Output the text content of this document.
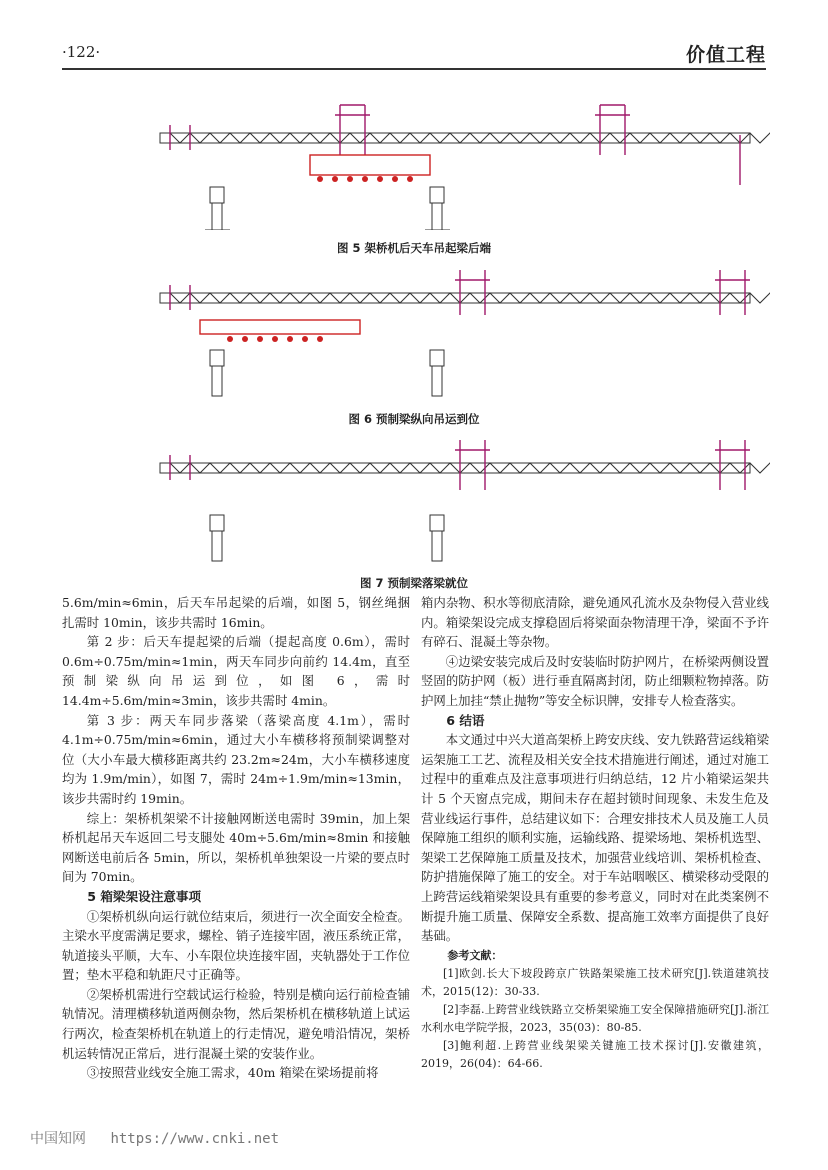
·122·	价值工程
图 5 架桥机后天车吊起梁后端
图 6 预制梁纵向吊运到位
图 7 预制梁落梁就位

5.6m/min≈6min，后天车吊起梁的后端，如图 5，钢丝绳捆扎需时 10min，该步共需时 16min。

第 2 步：后天车提起梁的后端（提起高度 0.6m），需时 0.6m÷0.75m/min≈1min，两天车同步向前约 14.4m，直至预制梁纵向吊运到位，如图 6，需时 14.4m÷5.6m/min≈3min，该步共需时 4min。

第 3 步：两天车同步落梁（落梁高度 4.1m），需时 4.1m÷0.75m/min≈6min，通过大小车横移将预制梁调整对位（大小车最大横移距离共约 23.2m≈24m，大小车横移速度均为 1.9m/min），如图 7，需时 24m÷1.9m/min≈13min，该步共需时约 19min。

综上：架桥机架梁不计接触网断送电需时 39min，加上架桥机起吊天车返回二号支腿处 40m÷5.6m/min≈8min 和接触网断送电前后各 5min，所以，架桥机单独架设一片梁的要点时间为 70min。

5 箱梁架设注意事项

①架桥机纵向运行就位结束后，须进行一次全面安全检查。主梁水平度需满足要求，螺栓、销子连接牢固，液压系统正常，轨道接头平顺，大车、小车限位块连接牢固，夹轨器处于工作位置；垫木平稳和轨距尺寸正确等。

②架桥机需进行空载试运行检验，特别是横向运行前检查铺轨情况。清理横移轨道两侧杂物，然后架桥机在横移轨道上试运行两次，检查架桥机在轨道上的行走情况，避免啃沿情况，架桥机运转情况正常后，进行混凝土梁的安装作业。

③按照营业线安全施工需求，40m 箱梁在梁场提前将

箱内杂物、积水等彻底清除，避免通风孔流水及杂物侵入营业线内。箱梁架设完成支撑稳固后将梁面杂物清理干净，梁面不予许有碎石、混凝土等杂物。

④边梁安装完成后及时安装临时防护网片，在桥梁两侧设置竖固的防护网（板）进行垂直隔离封闭，防止细颗粒物掉落。防护网上加挂“禁止抛物”等安全标识牌，安排专人检查落实。

6 结语

本文通过中兴大道高架桥上跨安庆线、安九铁路营运线箱梁运架施工工艺、流程及相关安全技术措施进行阐述，通过对施工过程中的重难点及注意事项进行归纳总结，12 片小箱梁运架共计 5 个天窗点完成，期间未存在超封锁时间现象、未发生危及营业线运行事件，总结建议如下：合理安排技术人员及施工人员保障施工组织的顺利实施，运输线路、提梁场地、架桥机选型、架梁工艺保障施工质量及技术，加强营业线培训、架桥机检查、防护措施保障了施工的安全。对于车站咽喉区、横梁移动受限的上跨营运线箱梁架设具有重要的参考意义，同时对在此类案例不断提升施工质量、保障安全系数、提高施工效率方面提供了良好基础。

参考文献：

[1]欧剑.长大下坡段跨京广铁路架梁施工技术研究[J].铁道建筑技术，2015(12)：30-33.

[2]李磊.上跨营业线铁路立交桥架梁施工安全保障措施研究[J].浙江水利水电学院学报，2023，35(03)：80-85.

[3]鲍利超.上跨营业线架梁关键施工技术探讨[J].安徽建筑，2019，26(04)：64-66.

中国知网 https://www.cnki.net
